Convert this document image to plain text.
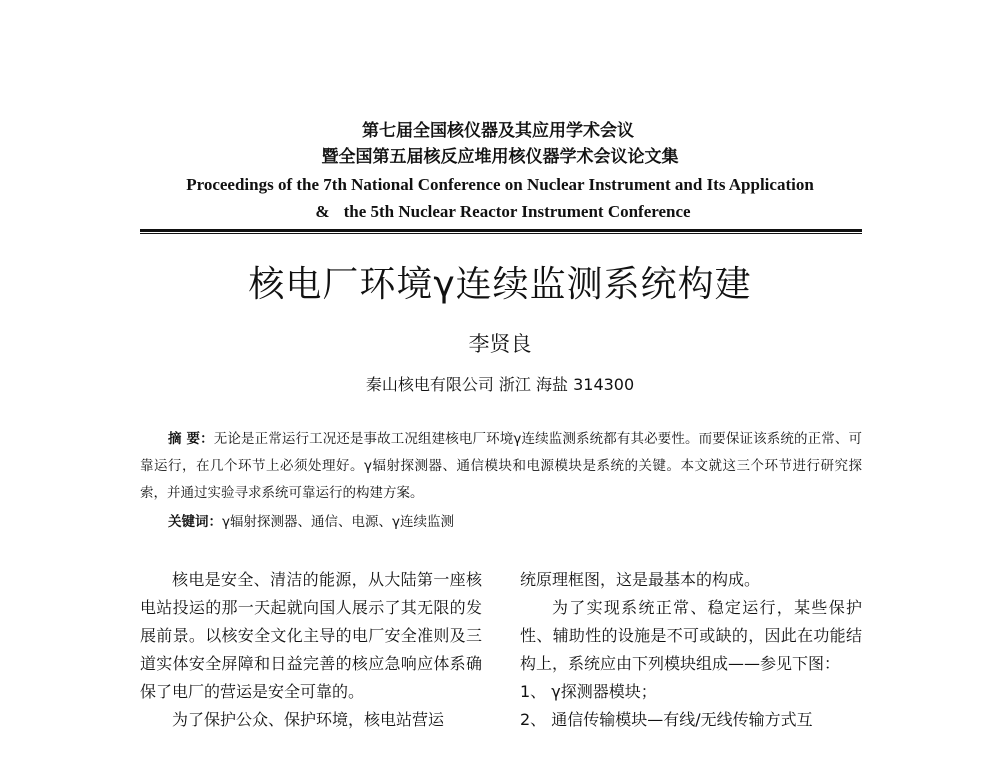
第七届全国核仪器及其应用学术会议
暨全国第五届核反应堆用核仪器学术会议论文集
Proceedings of the 7th National Conference on Nuclear Instrument and Its Application
& the 5th Nuclear Reactor Instrument Conference
核电厂环境γ连续监测系统构建
李贤良
秦山核电有限公司 浙江 海盐 314300
摘 要：无论是正常运行工况还是事故工况组建核电厂环境γ连续监测系统都有其必要性。而要保证该系统的正常、可靠运行，在几个环节上必须处理好。γ辐射探测器、通信模块和电源模块是系统的关键。本文就这三个环节进行研究探索，并通过实验寻求系统可靠运行的构建方案。
关键词：γ辐射探测器、通信、电源、γ连续监测

核电是安全、清洁的能源，从大陆第一座核电站投运的那一天起就向国人展示了其无限的发展前景。以核安全文化主导的电厂安全准则及三道实体安全屏障和日益完善的核应急响应体系确保了电厂的营运是安全可靠的。

为了保护公众、保护环境，核电站营运

统原理框图，这是最基本的构成。

为了实现系统正常、稳定运行，某些保护性、辅助性的设施是不可或缺的，因此在功能结构上，系统应由下列模块组成——参见下图：

1、 γ探测器模块；

2、 通信传输模块—有线/无线传输方式互
